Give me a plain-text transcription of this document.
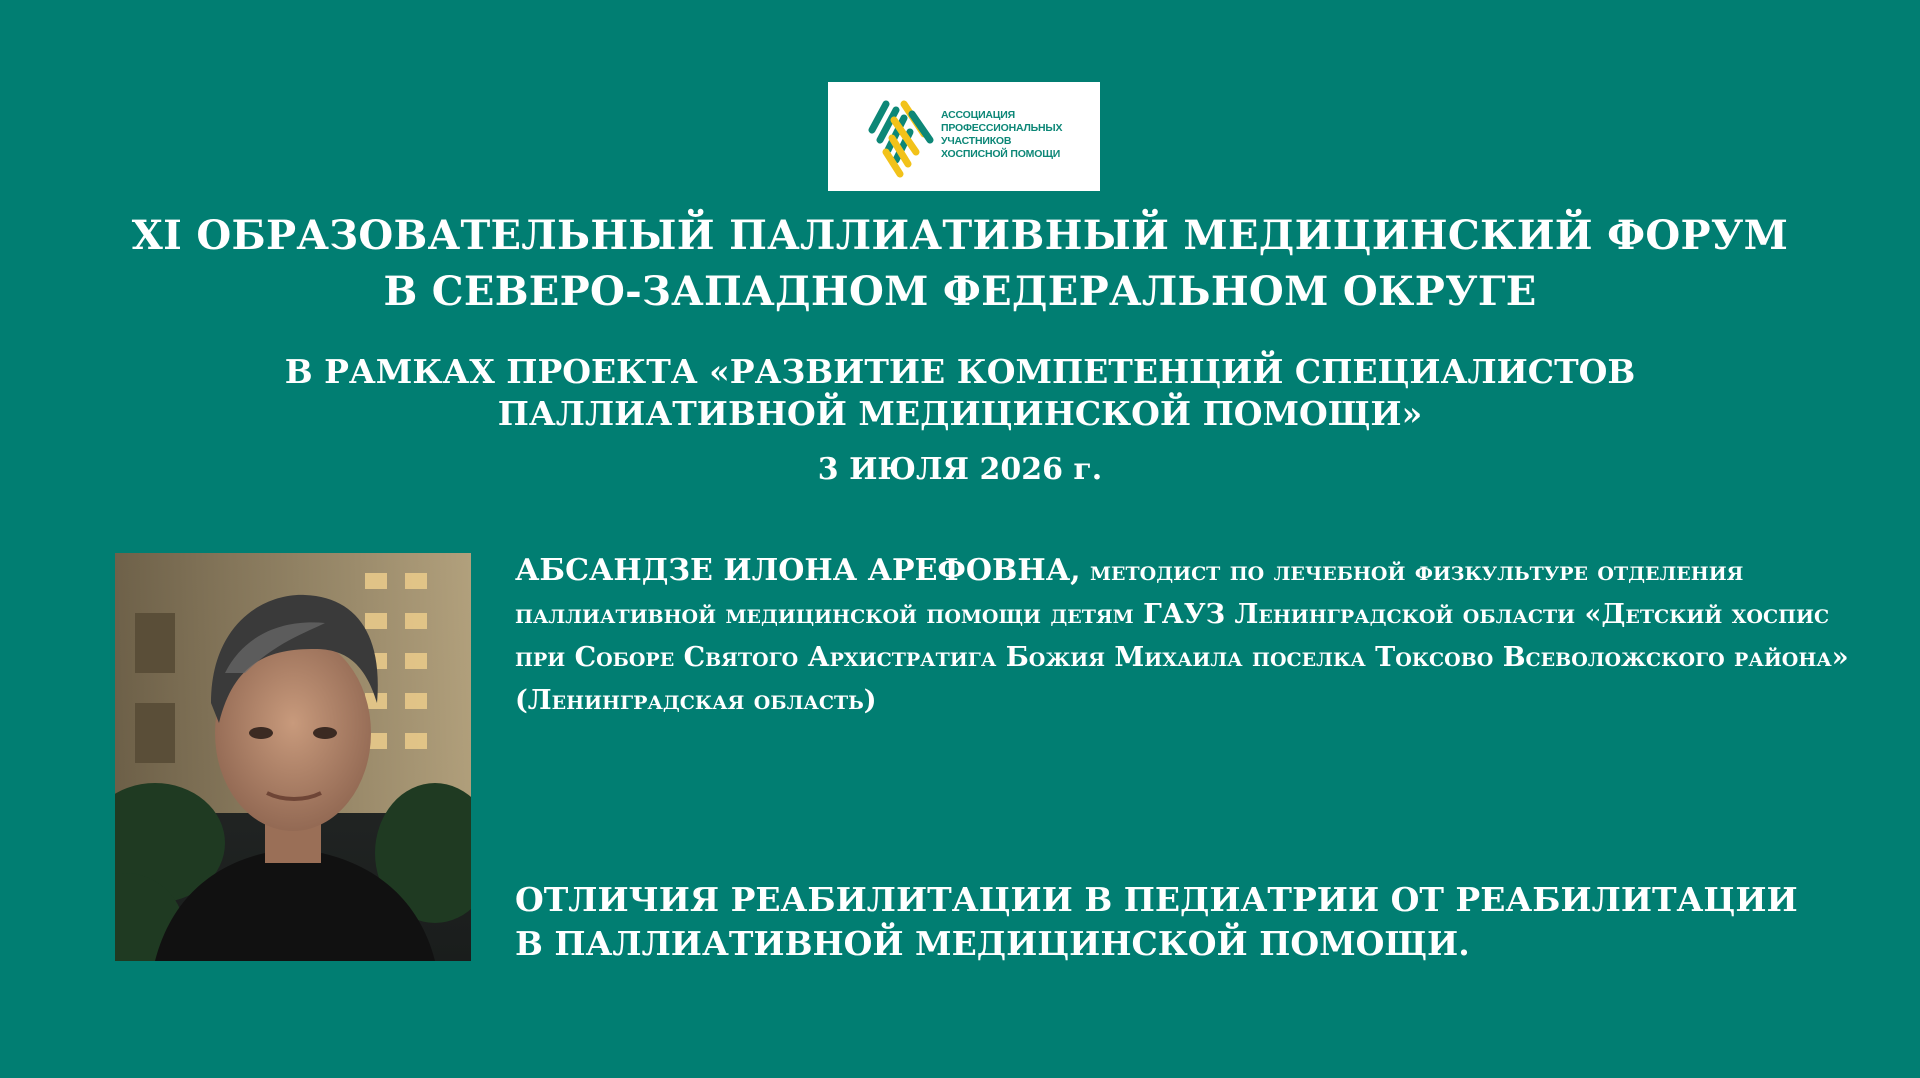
АССОЦИАЦИЯ
ПРОФЕССИОНАЛЬНЫХ
УЧАСТНИКОВ
ХОСПИСНОЙ ПОМОЩИ
XI ОБРАЗОВАТЕЛЬНЫЙ ПАЛЛИАТИВНЫЙ МЕДИЦИНСКИЙ ФОРУМ
В СЕВЕРО-ЗАПАДНОМ ФЕДЕРАЛЬНОМ ОКРУГЕ
В РАМКАХ ПРОЕКТА «РАЗВИТИЕ КОМПЕТЕНЦИЙ СПЕЦИАЛИСТОВ
ПАЛЛИАТИВНОЙ МЕДИЦИНСКОЙ ПОМОЩИ»
3 ИЮЛЯ 2026 г.
АБСАНДЗЕ ИЛОНА АРЕФОВНА, методист по лечебной физкультуре отделения паллиативной медицинской помощи детям ГАУЗ Ленинградской области «Детский хоспис при Соборе Святого Архистратига Божия Михаила поселка Токсово Всеволожского района» (Ленинградская область)
ОТЛИЧИЯ РЕАБИЛИТАЦИИ В ПЕДИАТРИИ ОТ РЕАБИЛИТАЦИИ
В ПАЛЛИАТИВНОЙ МЕДИЦИНСКОЙ ПОМОЩИ.
